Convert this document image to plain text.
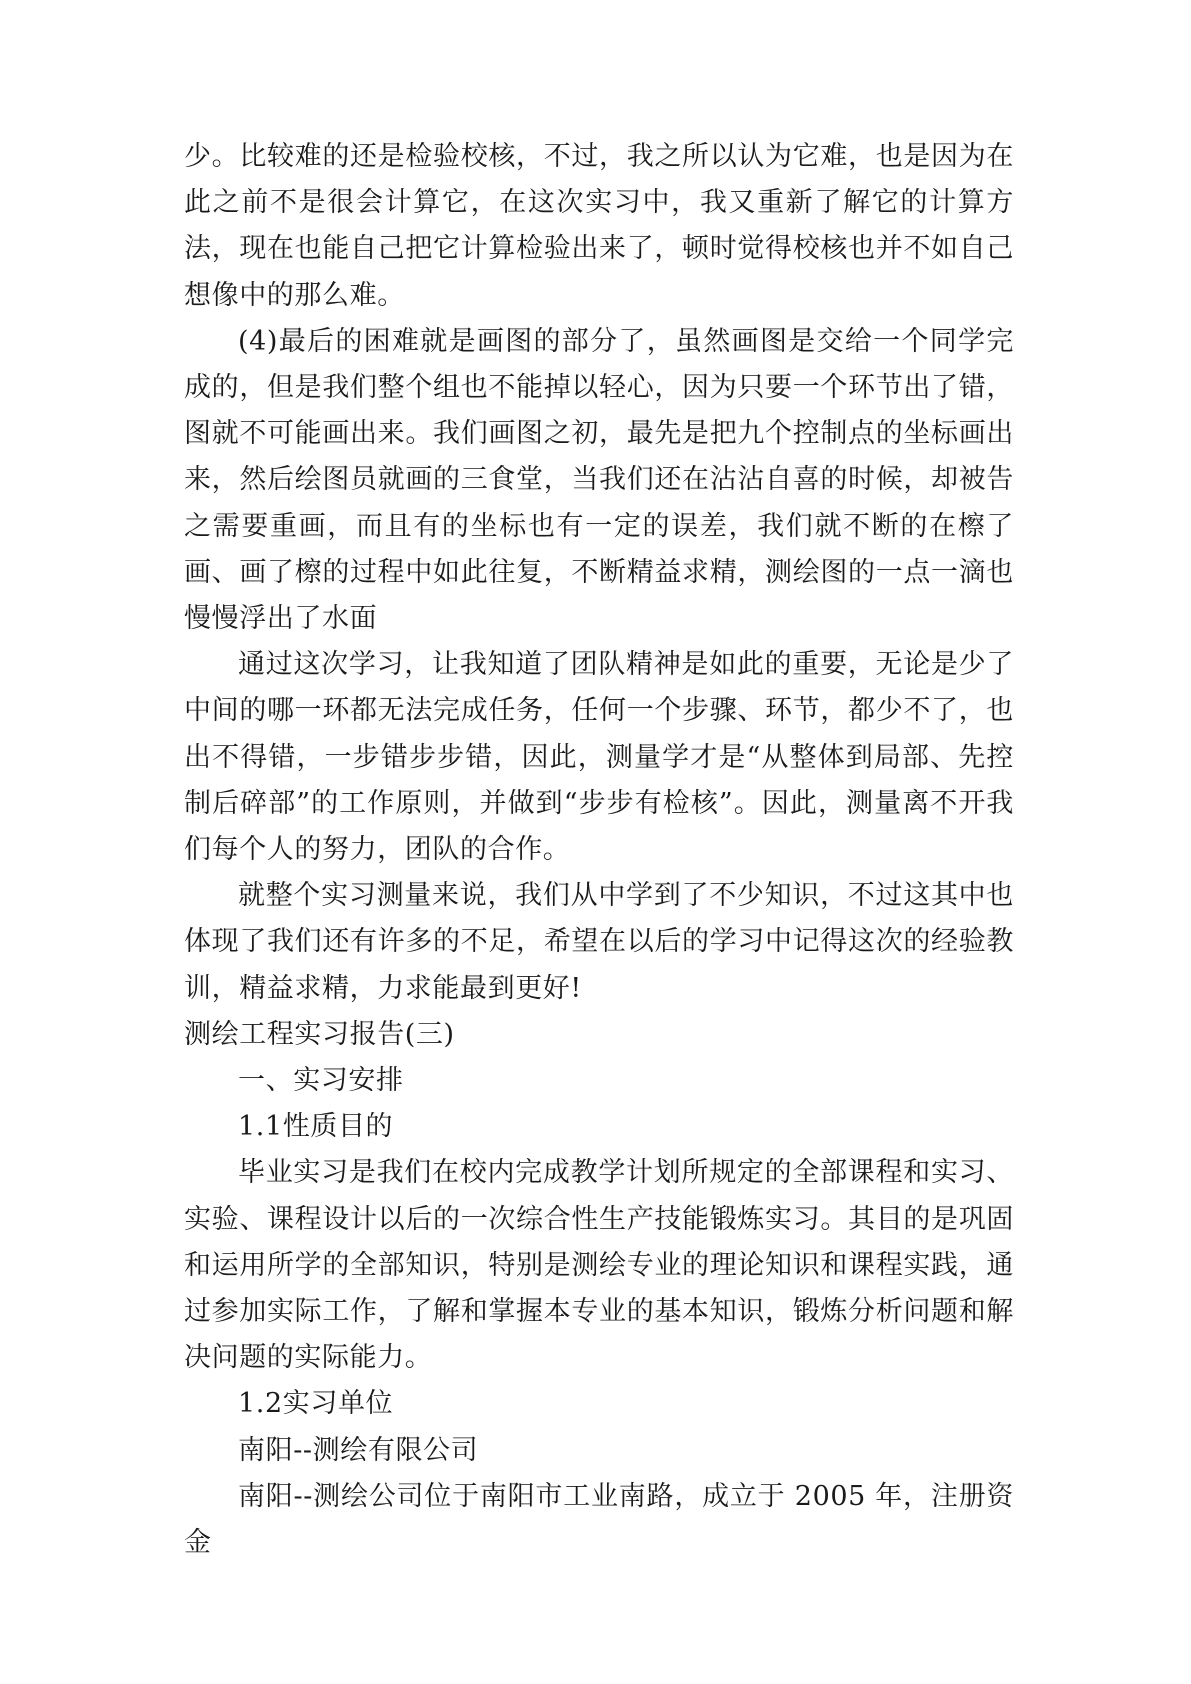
少。比较难的还是检验校核，不过，我之所以认为它难，也是因为在此之前不是很会计算它，在这次实习中，我又重新了解它的计算方法，现在也能自己把它计算检验出来了，顿时觉得校核也并不如自己想像中的那么难。

(4)最后的困难就是画图的部分了，虽然画图是交给一个同学完成的，但是我们整个组也不能掉以轻心，因为只要一个环节出了错，图就不可能画出来。我们画图之初，最先是把九个控制点的坐标画出来，然后绘图员就画的三食堂，当我们还在沾沾自喜的时候，却被告之需要重画，而且有的坐标也有一定的误差，我们就不断的在檫了画、画了檫的过程中如此往复，不断精益求精，测绘图的一点一滴也慢慢浮出了水面

通过这次学习，让我知道了团队精神是如此的重要，无论是少了中间的哪一环都无法完成任务，任何一个步骤、环节，都少不了，也出不得错，一步错步步错，因此，测量学才是“从整体到局部、先控制后碎部”的工作原则，并做到“步步有检核”。因此，测量离不开我们每个人的努力，团队的合作。

就整个实习测量来说，我们从中学到了不少知识，不过这其中也体现了我们还有许多的不足，希望在以后的学习中记得这次的经验教训，精益求精，力求能最到更好!

测绘工程实习报告(三)

一、实习安排

1.1性质目的

毕业实习是我们在校内完成教学计划所规定的全部课程和实习、实验、课程设计以后的一次综合性生产技能锻炼实习。其目的是巩固和运用所学的全部知识，特别是测绘专业的理论知识和课程实践，通过参加实际工作，了解和掌握本专业的基本知识，锻炼分析问题和解决问题的实际能力。

1.2实习单位

南阳--测绘有限公司

南阳--测绘公司位于南阳市工业南路，成立于 2005 年，注册资金
